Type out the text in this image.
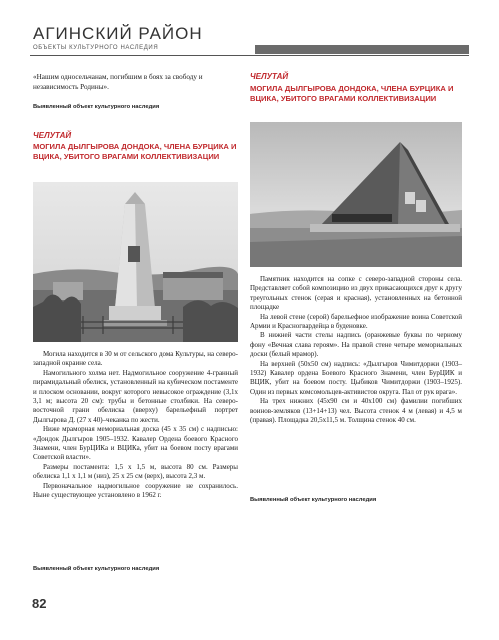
АГИНСКИЙ РАЙОН
ОБЪЕКТЫ КУЛЬТУРНОГО НАСЛЕДИЯ
«Нашим односельчанам, погибшим в боях за свободу и независимость Родины».
Выявленный объект культурного наследия
ЧЕЛУТАЙ
МОГИЛА ДЫЛГЫРОВА ДОНДОКА, ЧЛЕНА БУРЦИКА И ВЦИКА, УБИТОГО ВРАГАМИ КОЛЛЕКТИВИЗАЦИИ

Могила находится в 30 м от сельского дома Культуры, на северо-западной окраине села.

Намогильного холма нет. Надмогильное сооружение 4-гранный пирамидальный обелиск, установленный на кубическом постаменте и плоском основании, вокруг которого невысокое ограждение (3,1х 3,1 м; высота 20 см): трубы и бетонные столбики. На северо-восточной грани обелиска (вверху) барельефный портрет Дылгырова Д. (27 х 40)–чеканка по жести.

Ниже мраморная мемориальная доска (45 х 35 см) с надписью: «Дондок Дылгыров 1905–1932. Кавалер Ордена боевого Красного Знамени, член БурЦИКа и ВЦИКа, убит на боевом посту врагами Советской власти».

Размеры постамента: 1,5 х 1,5 м, высота 80 см. Размеры обелиска 1,1 х 1,1 м (низ), 25 х 25 см (верх), высота 2,3 м.

Первоначальное надмогильное сооружение не сохранилось. Ныне существующее установлено в 1962 г.

Выявленный объект культурного наследия
ЧЕЛУТАЙ
МОГИЛА ДЫЛГЫРОВА ДОНДОКА, ЧЛЕНА БУРЦИКА И ВЦИКА, УБИТОГО ВРАГАМИ КОЛЛЕКТИВИЗАЦИИ

Памятник находится на сопке с северо-западной стороны села. Представляет собой композицию из двух прикасающихся друг к другу треугольных стенок (серая и красная), установленных на бетонной площадке

На левой стене (серой) барельефное изображение воина Советской Армии и Красногвардейца в буденовке.

В нижней части стелы надпись (оранжевые буквы по черному фону «Вечная слава героям». На правой стене четыре мемориальных доски (белый мрамор).

На верхней (50х50 см) надпись: «Дылгыров Чимитдоржи (1903–1932) Кавалер ордена Боевого Красного Знамени, член БурЦИК и ВЦИК, убит на боевом посту. Цыбиков Чимитдоржи (1903–1925). Один из первых комсомольцев-активистов округа. Пал от рук врага».

На трех нижних (45х90 см и 40х100 см) фамилии погибших воинов-земляков (13+14+13) чел. Высота стенок 4 м (левая) и 4,5 м (правая). Площадка 20,5х11,5 м. Толщина стенок 40 см.

Выявленный объект культурного наследия
82
